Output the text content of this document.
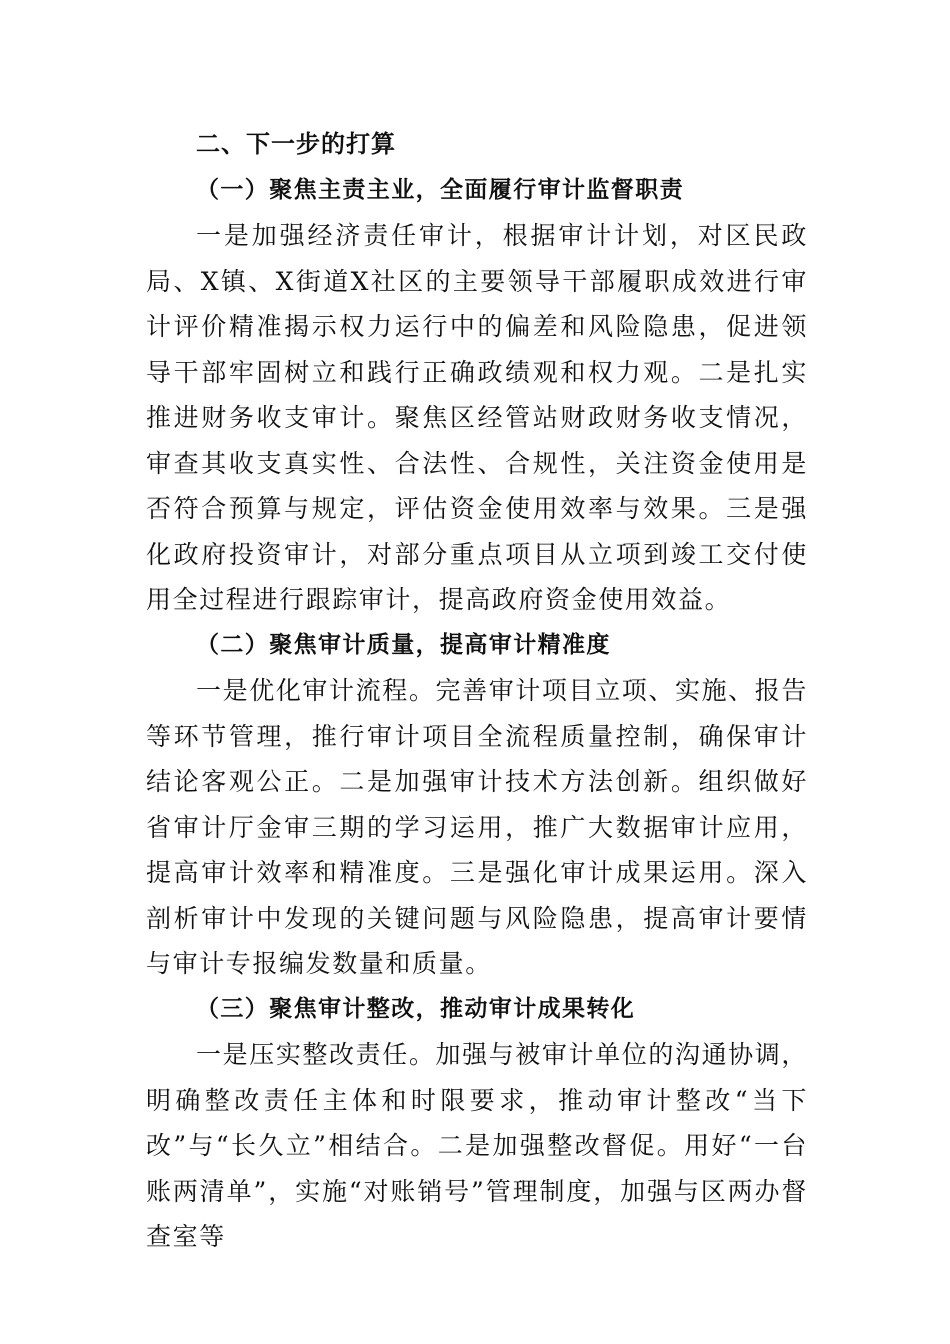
二、下一步的打算
（一）聚焦主责主业，全面履行审计监督职责

一是加强经济责任审计，根据审计计划，对区民政局、X镇、X街道X社区的主要领导干部履职成效进行审计评价精准揭示权力运行中的偏差和风险隐患，促进领导干部牢固树立和践行正确政绩观和权力观。二是扎实推进财务收支审计。聚焦区经管站财政财务收支情况，审查其收支真实性、合法性、合规性，关注资金使用是否符合预算与规定，评估资金使用效率与效果。三是强化政府投资审计，对部分重点项目从立项到竣工交付使用全过程进行跟踪审计，提高政府资金使用效益。

（二）聚焦审计质量，提高审计精准度

一是优化审计流程。完善审计项目立项、实施、报告等环节管理，推行审计项目全流程质量控制，确保审计结论客观公正。二是加强审计技术方法创新。组织做好省审计厅金审三期的学习运用，推广大数据审计应用，提高审计效率和精准度。三是强化审计成果运用。深入剖析审计中发现的关键问题与风险隐患，提高审计要情与审计专报编发数量和质量。

（三）聚焦审计整改，推动审计成果转化

一是压实整改责任。加强与被审计单位的沟通协调，明确整改责任主体和时限要求，推动审计整改“当下改”与“长久立”相结合。二是加强整改督促。用好“一台账两清单”，实施“对账销号”管理制度，加强与区两办督查室等
